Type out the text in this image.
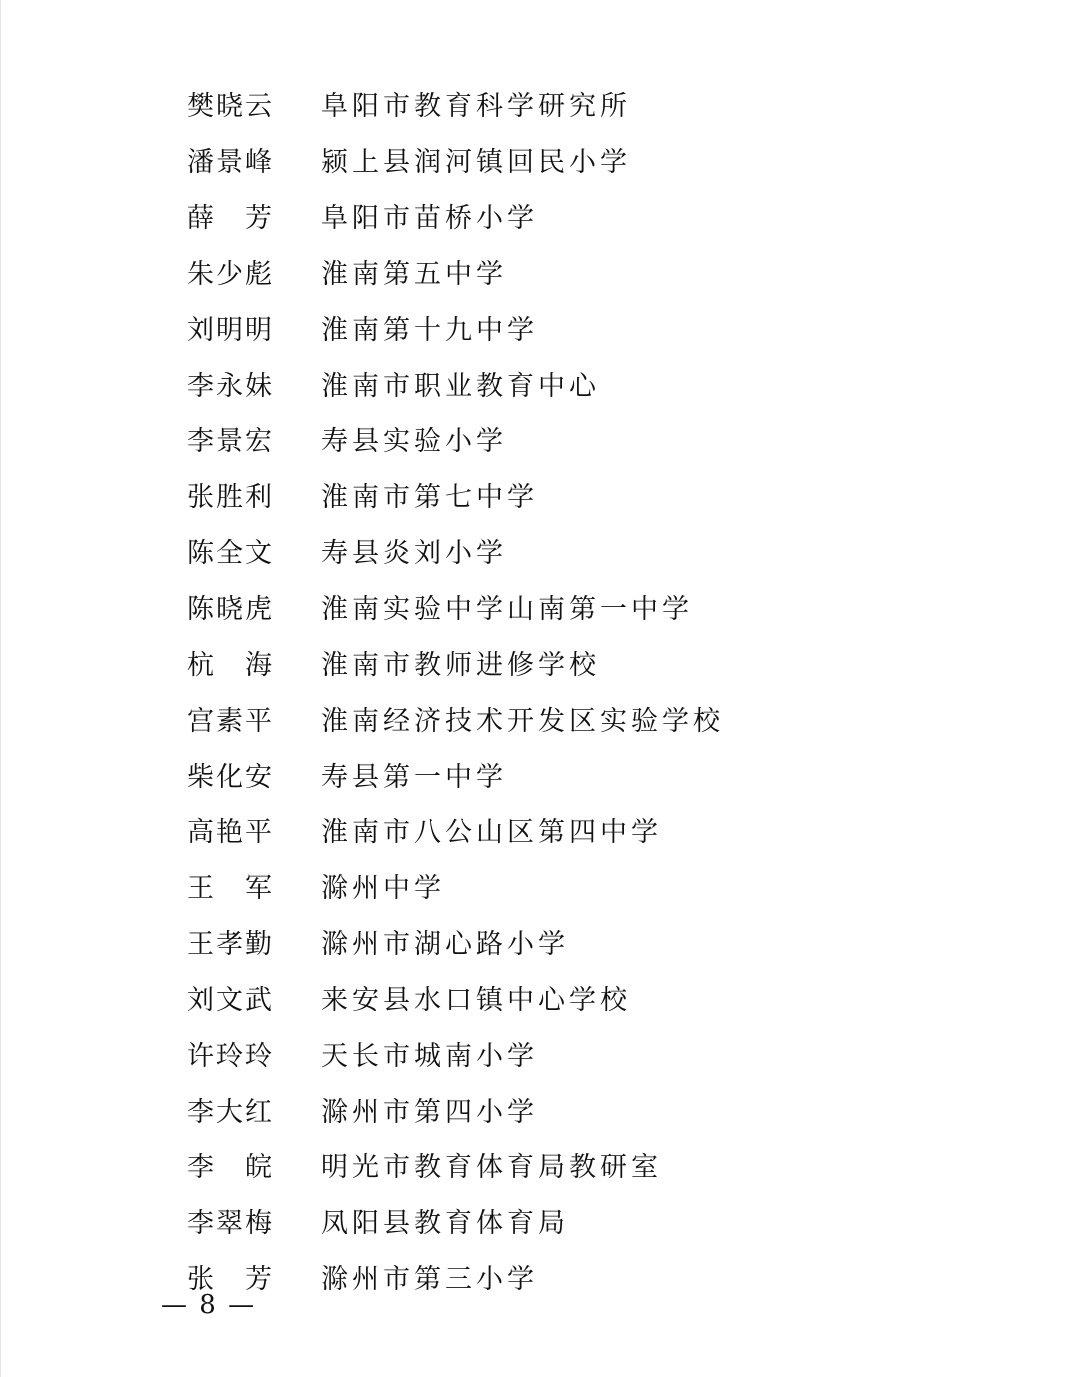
樊晓云 阜阳市教育科学研究所
潘景峰 颍上县润河镇回民小学
薛　芳 阜阳市苗桥小学
朱少彪 淮南第五中学
刘明明 淮南第十九中学
李永妹 淮南市职业教育中心
李景宏 寿县实验小学
张胜利 淮南市第七中学
陈全文 寿县炎刘小学
陈晓虎 淮南实验中学山南第一中学
杭　海 淮南市教师进修学校
宫素平 淮南经济技术开发区实验学校
柴化安 寿县第一中学
高艳平 淮南市八公山区第四中学
王　军 滁州中学
王孝勤 滁州市湖心路小学
刘文武 来安县水口镇中心学校
许玲玲 天长市城南小学
李大红 滁州市第四小学
李　皖 明光市教育体育局教研室
李翠梅 凤阳县教育体育局
张　芳 滁州市第三小学
— 8 —
